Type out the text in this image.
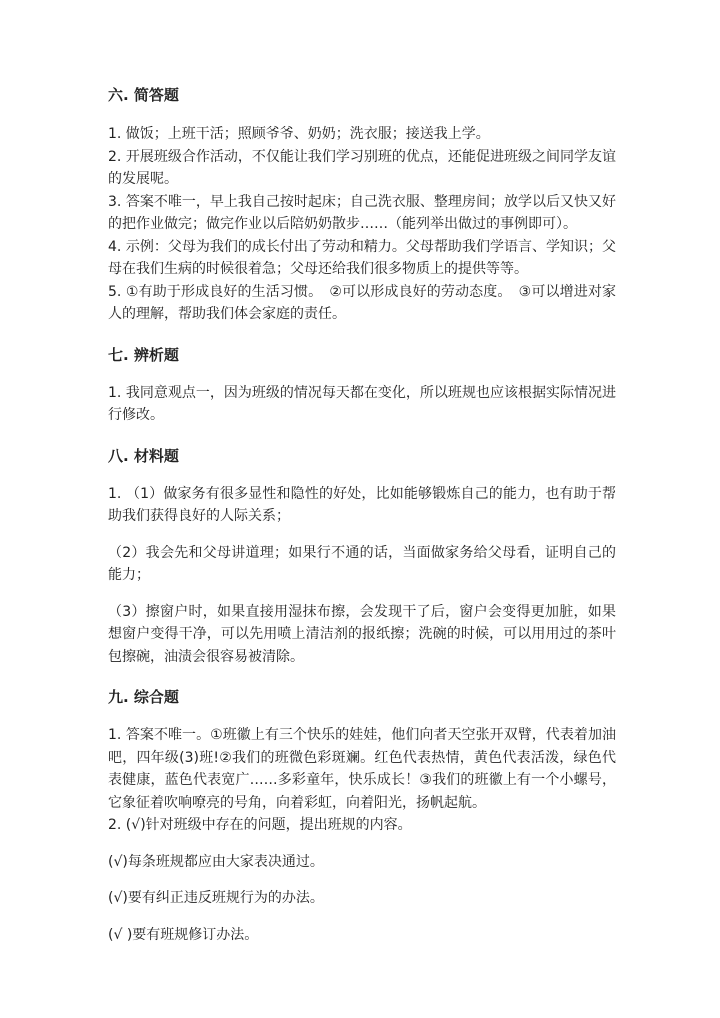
六. 简答题

1. 做饭；上班干活；照顾爷爷、奶奶；洗衣服；接送我上学。

2. 开展班级合作活动，不仅能让我们学习别班的优点，还能促进班级之间同学友谊的发展呢。

3. 答案不唯一，早上我自己按时起床；自己洗衣服、整理房间；放学以后又快又好的把作业做完；做完作业以后陪奶奶散步……（能列举出做过的事例即可）。

4. 示例：父母为我们的成长付出了劳动和精力。父母帮助我们学语言、学知识；父母在我们生病的时候很着急；父母还给我们很多物质上的提供等等。

5. ①有助于形成良好的生活习惯。　②可以形成良好的劳动态度。　③可以增进对家人的理解，帮助我们体会家庭的责任。

七. 辨析题

1. 我同意观点一，因为班级的情况每天都在变化，所以班规也应该根据实际情况进行修改。

八. 材料题

1. （1）做家务有很多显性和隐性的好处，比如能够锻炼自己的能力，也有助于帮助我们获得良好的人际关系；

（2）我会先和父母讲道理；如果行不通的话，当面做家务给父母看，证明自己的能力；

（3）擦窗户时，如果直接用湿抹布擦，会发现干了后，窗户会变得更加脏，如果想窗户变得干净，可以先用喷上清洁剂的报纸擦；洗碗的时候，可以用用过的茶叶包擦碗，油渍会很容易被清除。

九. 综合题

1. 答案不唯一。①班徽上有三个快乐的娃娃，他们向者天空张开双臂，代表着加油吧，四年级(3)班!②我们的班微色彩斑斓。红色代表热情，黄色代表活泼，绿色代表健康，蓝色代表宽广……多彩童年，快乐成长！③我们的班徽上有一个小螺号，它象征着吹响嘹亮的号角，向着彩虹，向着阳光，扬帆起航。

2. (√)针对班级中存在的问题，提出班规的内容。

(√)每条班规都应由大家表决通过。

(√)要有纠正违反班规行为的办法。

(√ )要有班规修订办法。
